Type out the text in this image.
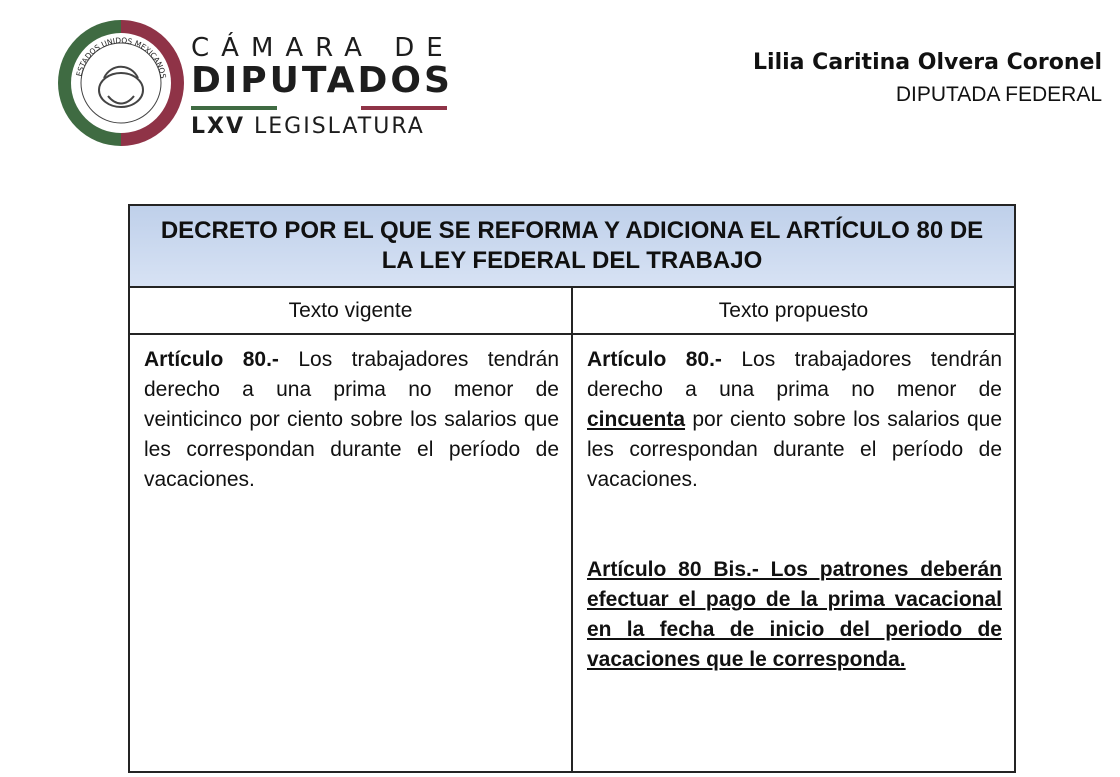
ESTADOS UNIDOS MEXICANOS
CÁMARA DE
DIPUTADOS
LXV LEGISLATURA
Lilia Caritina Olvera Coronel
DIPUTADA FEDERAL
DECRETO POR EL QUE SE REFORMA Y ADICIONA EL ARTÍCULO 80 DE LA LEY FEDERAL DEL TRABAJO	

Texto vigente	Texto propuesto

Artículo 80.- Los trabajadores tendrán derecho a una prima no menor de veinticinco por ciento sobre los salarios que les correspondan durante el período de vacaciones.	Artículo 80.- Los trabajadores tendrán derecho a una prima no menor de cincuenta por ciento sobre los salarios que les correspondan durante el período de vacaciones.
Artículo 80 Bis.- Los patrones deberán efectuar el pago de la prima vacacional en la fecha de inicio del periodo de vacaciones que le corresponda.
